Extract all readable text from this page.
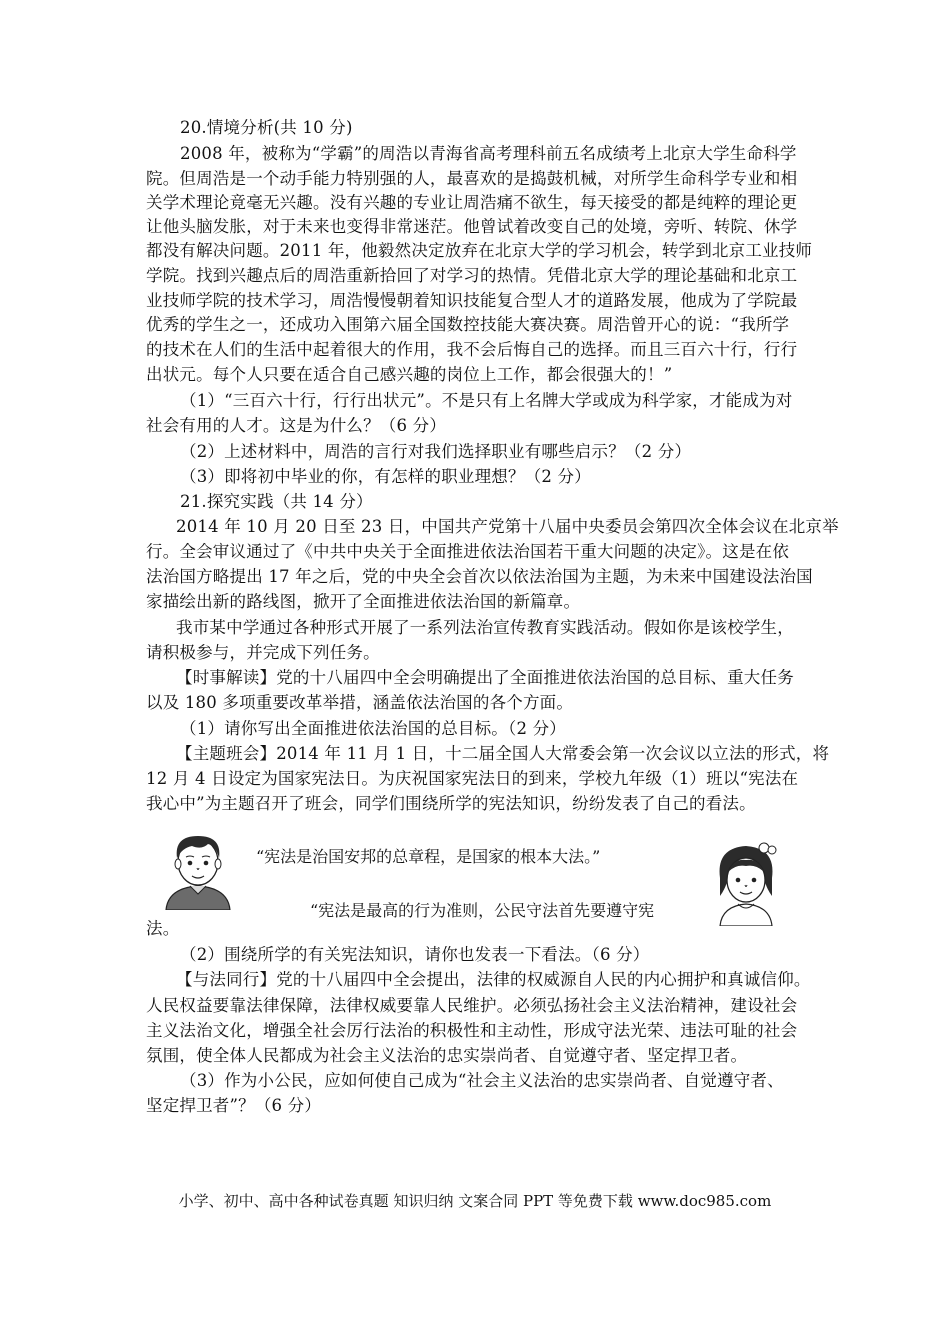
20.情境分析(共 10 分)
2008 年，被称为“学霸”的周浩以青海省高考理科前五名成绩考上北京大学生命科学
院。但周浩是一个动手能力特别强的人，最喜欢的是捣鼓机械，对所学生命科学专业和相
关学术理论竟毫无兴趣。没有兴趣的专业让周浩痛不欲生，每天接受的都是纯粹的理论更
让他头脑发胀，对于未来也变得非常迷茫。他曾试着改变自己的处境，旁听、转院、休学
都没有解决问题。2011 年，他毅然决定放弃在北京大学的学习机会，转学到北京工业技师
学院。找到兴趣点后的周浩重新拾回了对学习的热情。凭借北京大学的理论基础和北京工
业技师学院的技术学习，周浩慢慢朝着知识技能复合型人才的道路发展，他成为了学院最
优秀的学生之一，还成功入围第六届全国数控技能大赛决赛。周浩曾开心的说：“我所学
的技术在人们的生活中起着很大的作用，我不会后悔自己的选择。而且三百六十行，行行
出状元。每个人只要在适合自己感兴趣的岗位上工作，都会很强大的！”
（1）“三百六十行，行行出状元”。不是只有上名牌大学或成为科学家，才能成为对
社会有用的人才。这是为什么？（6 分）
（2）上述材料中，周浩的言行对我们选择职业有哪些启示？（2 分）
（3）即将初中毕业的你，有怎样的职业理想？（2 分）
21.探究实践（共 14 分）
2014 年 10 月 20 日至 23 日，中国共产党第十八届中央委员会第四次全体会议在北京举
行。全会审议通过了《中共中央关于全面推进依法治国若干重大问题的决定》。这是在依
法治国方略提出 17 年之后，党的中央全会首次以依法治国为主题，为未来中国建设法治国
家描绘出新的路线图，掀开了全面推进依法治国的新篇章。
我市某中学通过各种形式开展了一系列法治宣传教育实践活动。假如你是该校学生，
请积极参与，并完成下列任务。
【时事解读】党的十八届四中全会明确提出了全面推进依法治国的总目标、重大任务
以及 180 多项重要改革举措，涵盖依法治国的各个方面。
（1）请你写出全面推进依法治国的总目标。（2 分）
【主题班会】2014 年 11 月 1 日，十二届全国人大常委会第一次会议以立法的形式，将
12 月 4 日设定为国家宪法日。为庆祝国家宪法日的到来，学校九年级（1）班以“宪法在
我心中”为主题召开了班会，同学们围绕所学的宪法知识，纷纷发表了自己的看法。
“宪法是治国安邦的总章程，是国家的根本大法。”
“宪法是最高的行为准则，公民守法首先要遵守宪
法。
（2）围绕所学的有关宪法知识，请你也发表一下看法。（6 分）
【与法同行】党的十八届四中全会提出，法律的权威源自人民的内心拥护和真诚信仰。
人民权益要靠法律保障，法律权威要靠人民维护。必须弘扬社会主义法治精神，建设社会
主义法治文化，增强全社会厉行法治的积极性和主动性，形成守法光荣、违法可耻的社会
氛围，使全体人民都成为社会主义法治的忠实崇尚者、自觉遵守者、坚定捍卫者。
（3）作为小公民，应如何使自己成为“社会主义法治的忠实崇尚者、自觉遵守者、
坚定捍卫者”？（6 分）
小学、初中、高中各种试卷真题 知识归纳 文案合同 PPT 等免费下载 www.doc985.com
